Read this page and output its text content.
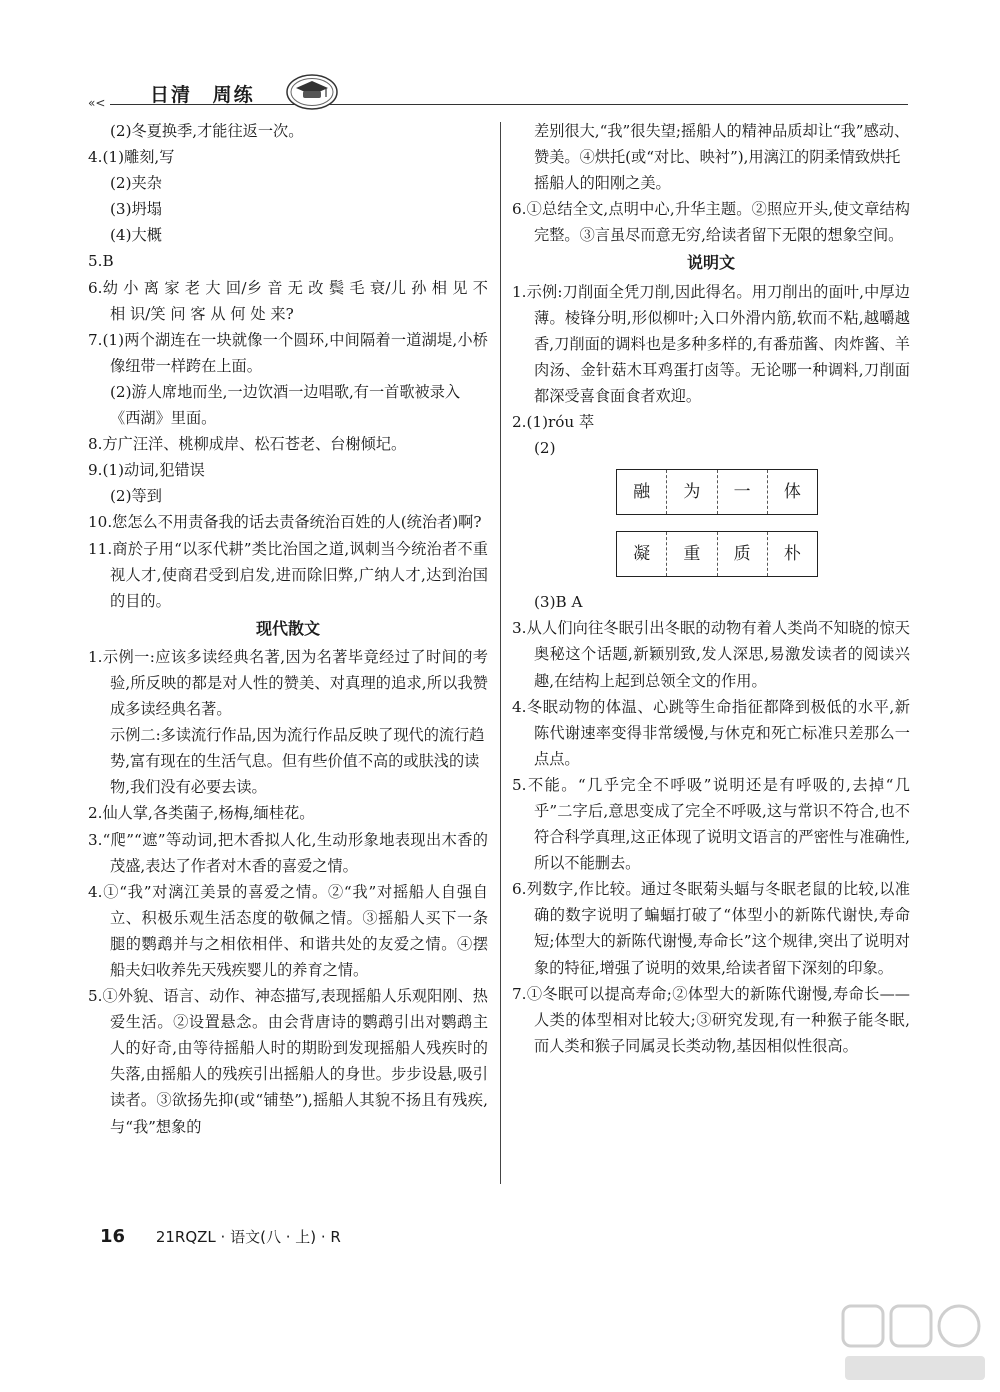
«< 日清 周练
(2)冬夏换季,才能往返一次。
4.(1)雕刻,写
(2)夹杂
(3)坍塌
(4)大概
5.B
6.幼 小 离 家 老 大 回/乡 音 无 改 鬓 毛 衰/儿 孙 相 见 不 相 识/笑 问 客 从 何 处 来?
7.(1)两个湖连在一块就像一个圆环,中间隔着一道湖堤,小桥像纽带一样跨在上面。
(2)游人席地而坐,一边饮酒一边唱歌,有一首歌被录入《西湖》里面。
8.方广汪洋、桃柳成岸、松石苍老、台榭倾圮。
9.(1)动词,犯错误
(2)等到
10.您怎么不用责备我的话去责备统治百姓的人(统治者)啊?
11.商於子用“以豕代耕”类比治国之道,讽刺当今统治者不重视人才,使商君受到启发,进而除旧弊,广纳人才,达到治国的目的。
现代散文
1.示例一:应该多读经典名著,因为名著毕竟经过了时间的考验,所反映的都是对人性的赞美、对真理的追求,所以我赞成多读经典名著。
示例二:多读流行作品,因为流行作品反映了现代的流行趋势,富有现在的生活气息。但有些价值不高的或肤浅的读物,我们没有必要去读。
2.仙人掌,各类菌子,杨梅,缅桂花。
3.“爬”“遮”等动词,把木香拟人化,生动形象地表现出木香的茂盛,表达了作者对木香的喜爱之情。
4.①“我”对漓江美景的喜爱之情。②“我”对摇船人自强自立、积极乐观生活态度的敬佩之情。③摇船人买下一条腿的鹦鹉并与之相依相伴、和谐共处的友爱之情。④摆船夫妇收养先天残疾婴儿的养育之情。
5.①外貌、语言、动作、神态描写,表现摇船人乐观阳刚、热爱生活。②设置悬念。由会背唐诗的鹦鹉引出对鹦鹉主人的好奇,由等待摇船人时的期盼到发现摇船人残疾时的失落,由摇船人的残疾引出摇船人的身世。步步设悬,吸引读者。③欲扬先抑(或“铺垫”),摇船人其貌不扬且有残疾,与“我”想象的
差别很大,“我”很失望;摇船人的精神品质却让“我”感动、赞美。④烘托(或“对比、映衬”),用漓江的阴柔情致烘托摇船人的阳刚之美。
6.①总结全文,点明中心,升华主题。②照应开头,使文章结构完整。③言虽尽而意无穷,给读者留下无限的想象空间。
说明文
1.示例:刀削面全凭刀削,因此得名。用刀削出的面叶,中厚边薄。棱锋分明,形似柳叶;入口外滑内筋,软而不粘,越嚼越香,刀削面的调料也是多种多样的,有番茄酱、肉炸酱、羊肉汤、金针菇木耳鸡蛋打卤等。无论哪一种调料,刀削面都深受喜食面食者欢迎。
2.(1)róu 萃
(2)
融	为	一	体
凝	重	质	朴
(3)B A
3.从人们向往冬眠引出冬眠的动物有着人类尚不知晓的惊天奥秘这个话题,新颖别致,发人深思,易激发读者的阅读兴趣,在结构上起到总领全文的作用。
4.冬眠动物的体温、心跳等生命指征都降到极低的水平,新陈代谢速率变得非常缓慢,与休克和死亡标准只差那么一点点。
5.不能。“几乎完全不呼吸”说明还是有呼吸的,去掉“几乎”二字后,意思变成了完全不呼吸,这与常识不符合,也不符合科学真理,这正体现了说明文语言的严密性与准确性,所以不能删去。
6.列数字,作比较。通过冬眠菊头蝠与冬眠老鼠的比较,以准确的数字说明了蝙蝠打破了“体型小的新陈代谢快,寿命短;体型大的新陈代谢慢,寿命长”这个规律,突出了说明对象的特征,增强了说明的效果,给读者留下深刻的印象。
7.①冬眠可以提高寿命;②体型大的新陈代谢慢,寿命长——人类的体型相对比较大;③研究发现,有一种猴子能冬眠,而人类和猴子同属灵长类动物,基因相似性很高。
16 21RQZL · 语文(八 · 上) · R
